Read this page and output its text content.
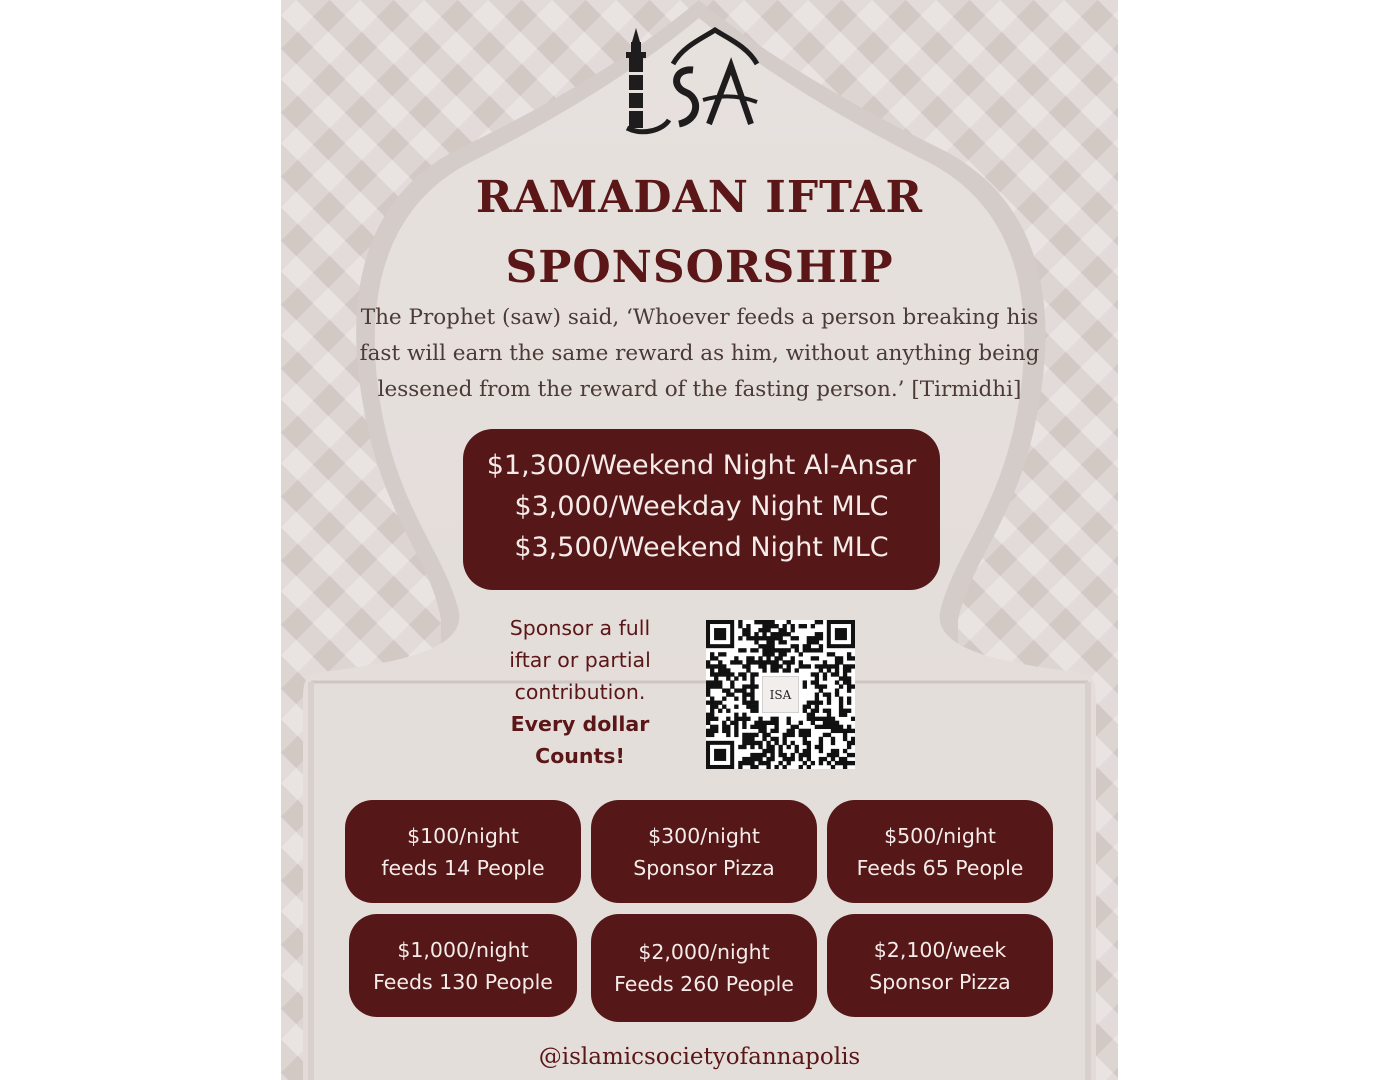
RAMADAN IFTAR
SPONSORSHIP
The Prophet (saw) said, ‘Whoever feeds a person breaking his
fast will earn the same reward as him, without anything being
lessened from the reward of the fasting person.’ [Tirmidhi]
$1,300/Weekend Night Al-Ansar
$3,000/Weekday Night MLC
$3,500/Weekend Night MLC
Sponsor a full
iftar or partial
contribution.
Every dollar
Counts!
ISA
$100/night
feeds 14 People
$300/night
Sponsor Pizza
$500/night
Feeds 65 People
$1,000/night
Feeds 130 People
$2,000/night
Feeds 260 People
$2,100/week
Sponsor Pizza
@islamicsocietyofannapolis
